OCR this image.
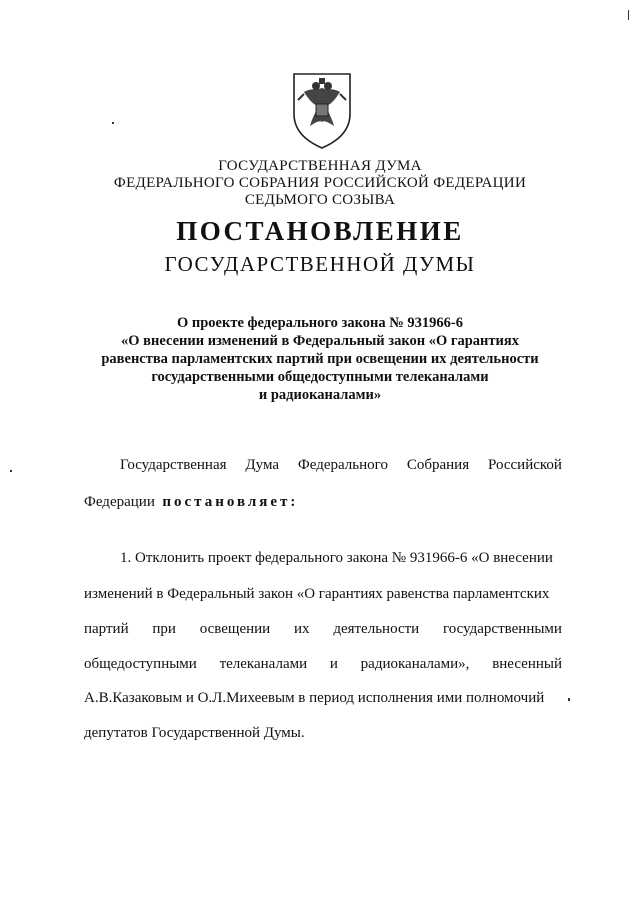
ГОСУДАРСТВЕННАЯ ДУМА
ФЕДЕРАЛЬНОГО СОБРАНИЯ РОССИЙСКОЙ ФЕДЕРАЦИИ
СЕДЬМОГО СОЗЫВА
ПОСТАНОВЛЕНИЕ
ГОСУДАРСТВЕННОЙ ДУМЫ
О проекте федерального закона № 931966-6
«О внесении изменений в Федеральный закон «О гарантиях
равенства парламентских партий при освещении их деятельности
государственными общедоступными телеканалами
и радиоканалами»
Государственная Дума Федерального Собрания Российской
Федерации постановляет:
1. Отклонить проект федерального закона № 931966-6 «О внесении
изменений в Федеральный закон «О гарантиях равенства парламентских
партий при освещении их деятельности государственными
общедоступными телеканалами и радиоканалами», внесенный
А.В.Казаковым и О.Л.Михеевым в период исполнения ими полномочий
депутатов Государственной Думы.
